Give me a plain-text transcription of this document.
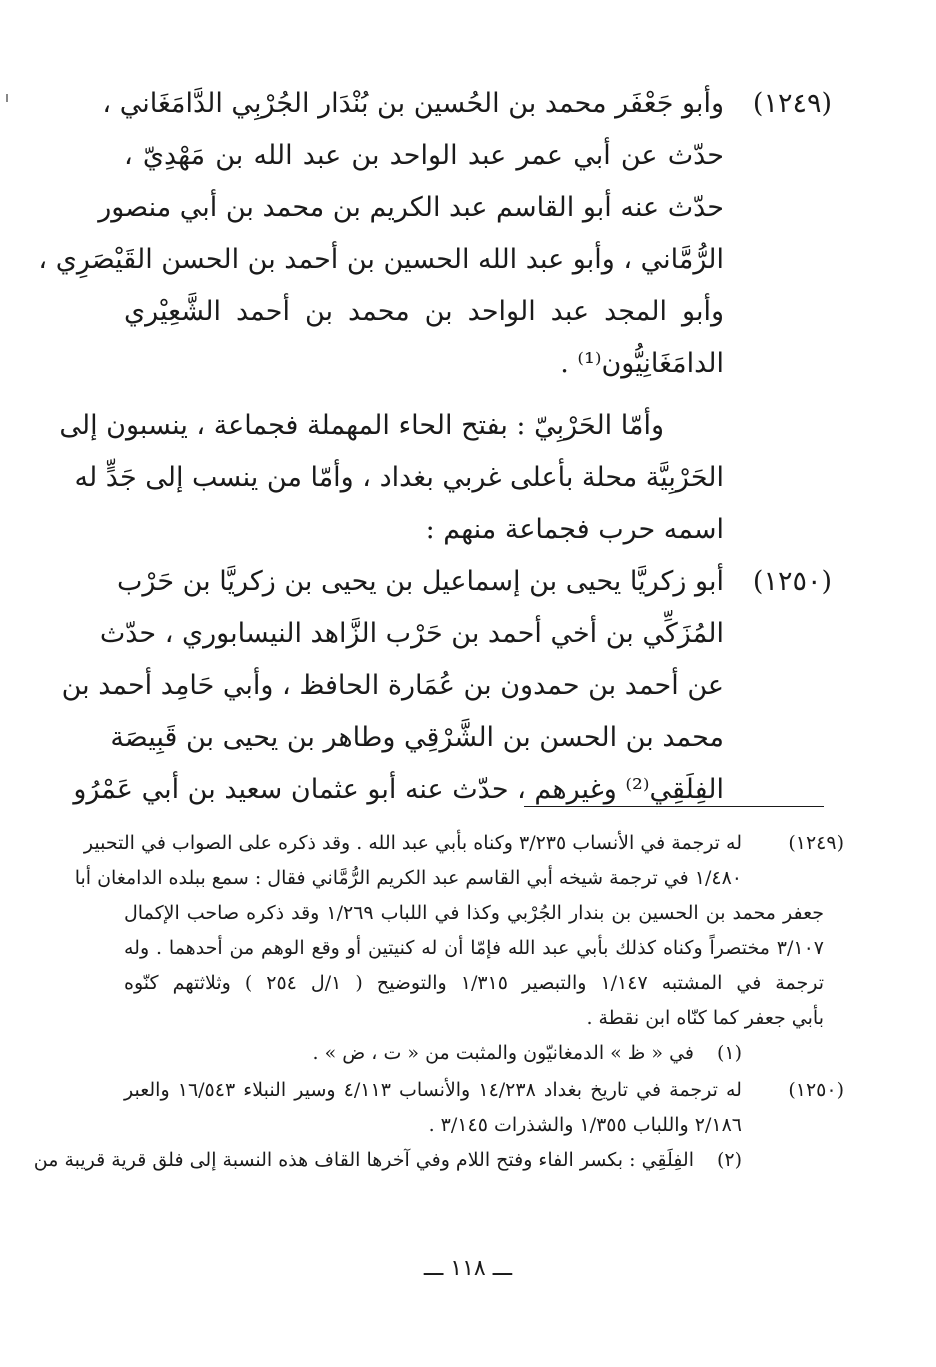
(١٢٤٩)
وأبو جَعْفَر محمد بن الحُسين بن بُنْدَار الجُرْبِي الدَّامَغَاني ،
حدّث عن أبي عمر عبد الواحد بن عبد الله بن مَهْدِيّ ،
حدّث عنه أبو القاسم عبد الكريم بن محمد بن أبي منصور
الرُّمَّاني ، وأبو عبد الله الحسين بن أحمد بن الحسن القَيْصَرِي ،
وأبو المجد عبد الواحد بن محمد بن أحمد الشَّعِيْري
الدامَغَانِيُّون⁽¹⁾ .
وأمّا الحَرْبِيّ : بفتح الحاء المهملة فجماعة ، ينسبون إلى
الحَرْبِيَّة محلة بأعلى غربي بغداد ، وأمّا من ينسب إلى جَدٍّ له
اسمه حرب فجماعة منهم :
(١٢٥٠)
أبو زكريَّا يحيى بن إسماعيل بن يحيى بن زكريَّا بن حَرْب
المُزَكِّي بن أخي أحمد بن حَرْب الزَّاهد النيسابوري ، حدّث
عن أحمد بن حمدون بن عُمَارة الحافظ ، وأبي حَامِد أحمد بن
محمد بن الحسن بن الشَّرْقِي وطاهر بن يحيى بن قَبِيصَة
الفِلَقِي⁽²⁾ وغيرهم ، حدّث عنه أبو عثمان سعيد بن أبي عَمْرُو
(١٢٤٩)
له ترجمة في الأنساب ٣/٢٣٥ وكناه بأبي عبد الله . وقد ذكره على الصواب في التحبير
١/٤٨٠ في ترجمة شيخه أبي القاسم عبد الكريم الرُّمَّاني فقال : سمع ببلده الدامغان أبا
جعفر محمد بن الحسين بن بندار الجُرْبي وكذا في اللباب ١/٢٦٩ وقد ذكره صاحب الإكمال
٣/١٠٧ مختصراً وكناه كذلك بأبي عبد الله فإمّا أن له كنيتين أو وقع الوهم من أحدهما . وله
ترجمة في المشتبه ١/١٤٧ والتبصير ١/٣١٥ والتوضيح ( ١/ل ٢٥٤ ) وثلاثتهم كنّوه
بأبي جعفر كما كنّاه ابن نقطة .
(١)
في « ظ » الدمغانيّون والمثبت من « ت ، ض » .
(١٢٥٠)
له ترجمة في تاريخ بغداد ١٤/٢٣٨ والأنساب ٤/١١٣ وسير النبلاء ١٦/٥٤٣ والعبر
٢/١٨٦ واللباب ١/٣٥٥ والشذرات ٣/١٤٥ .
(٢)
الفِلَقِي : بكسر الفاء وفتح اللام وفي آخرها القاف هذه النسبة إلى فلق قرية قريبة من
ـــ ١١٨ ـــ
